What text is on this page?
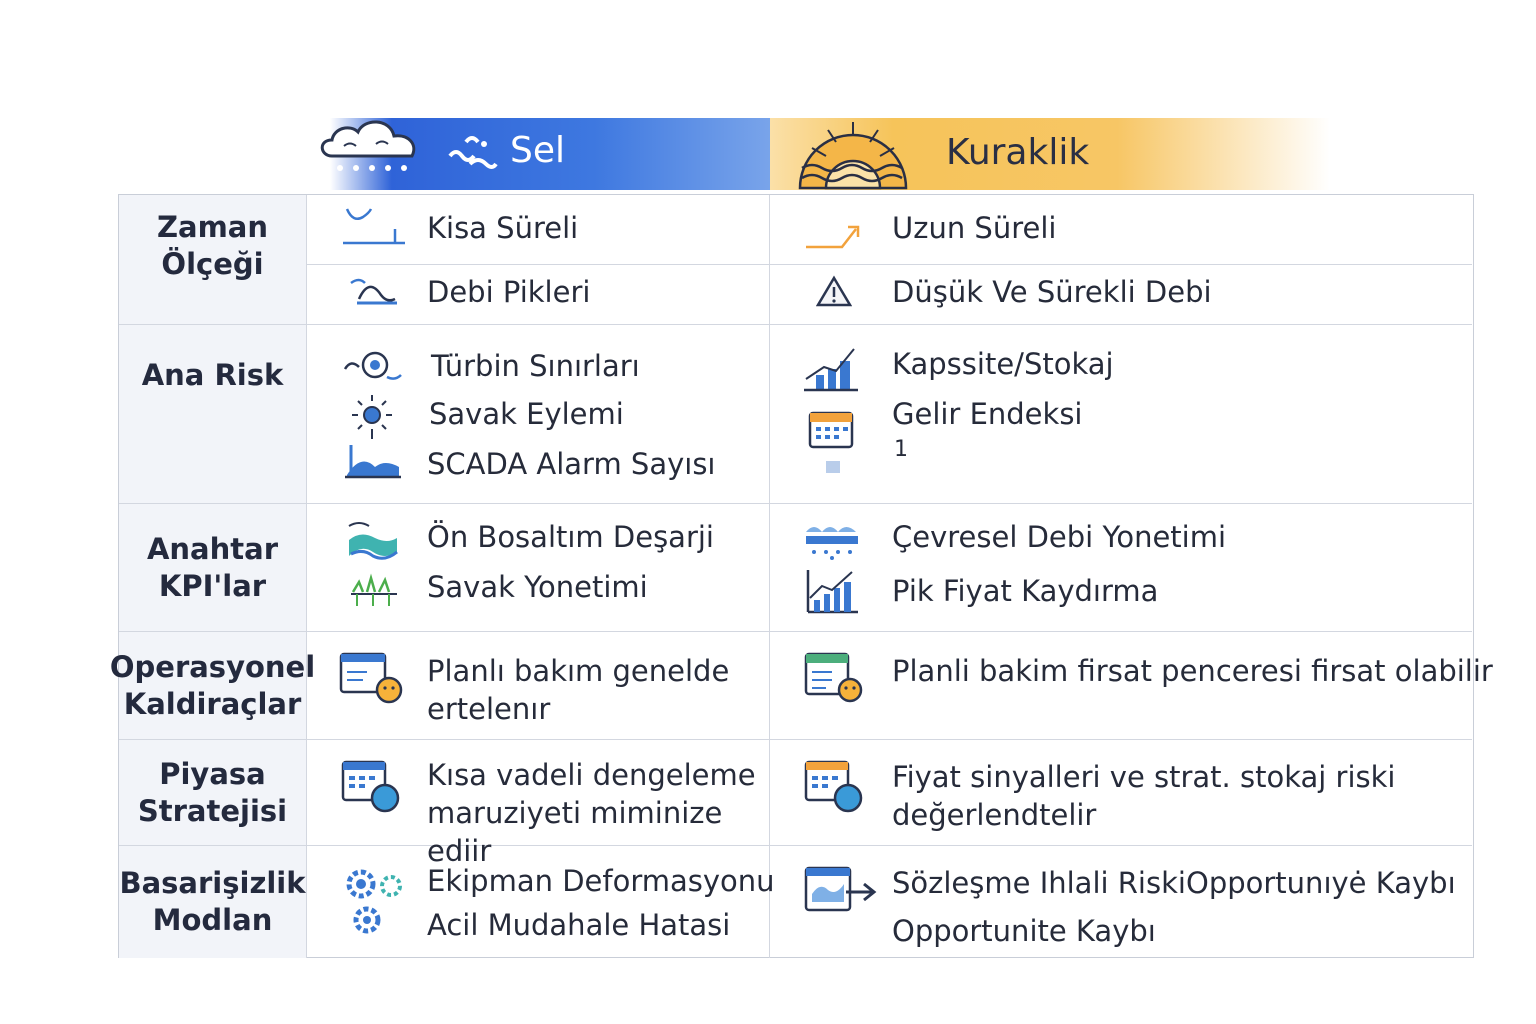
Sel	Kuraklik
Zaman
Ölçeği
Kisa Süreli
Debi Pikleri
Uzun Süreli
Düşük Ve Sürekli Debi
Ana Risk	Türbin Sınırları
Savak Eylemi
SCADA Alarm Sayısı
Kapssite/Stokaj
Gelir Endeksi
1
Anahtar
KPI'lar
Ön Bosaltım Deşarji
Savak Yonetimi
Çevresel Debi Yonetimi
Pik Fiyat Kaydırma
Operasyonel
Kaldiraçlar
Planlı bakım genelde
ertelenır
Planli bakim firsat penceresi firsat olabilir
Piyasa
Stratejisi
Kısa vadeli dengeleme
maruziyeti miminize ediir
Fiyat sinyalleri ve strat. stokaj riski
değerlendtelir
Basarişizlik
Modlan
Ekipman Deformasyonu
Acil Mudahale Hatasi
Sözleşme Ihlali Riski Opportunıyė Kaybı
Opportunite Kaybı
